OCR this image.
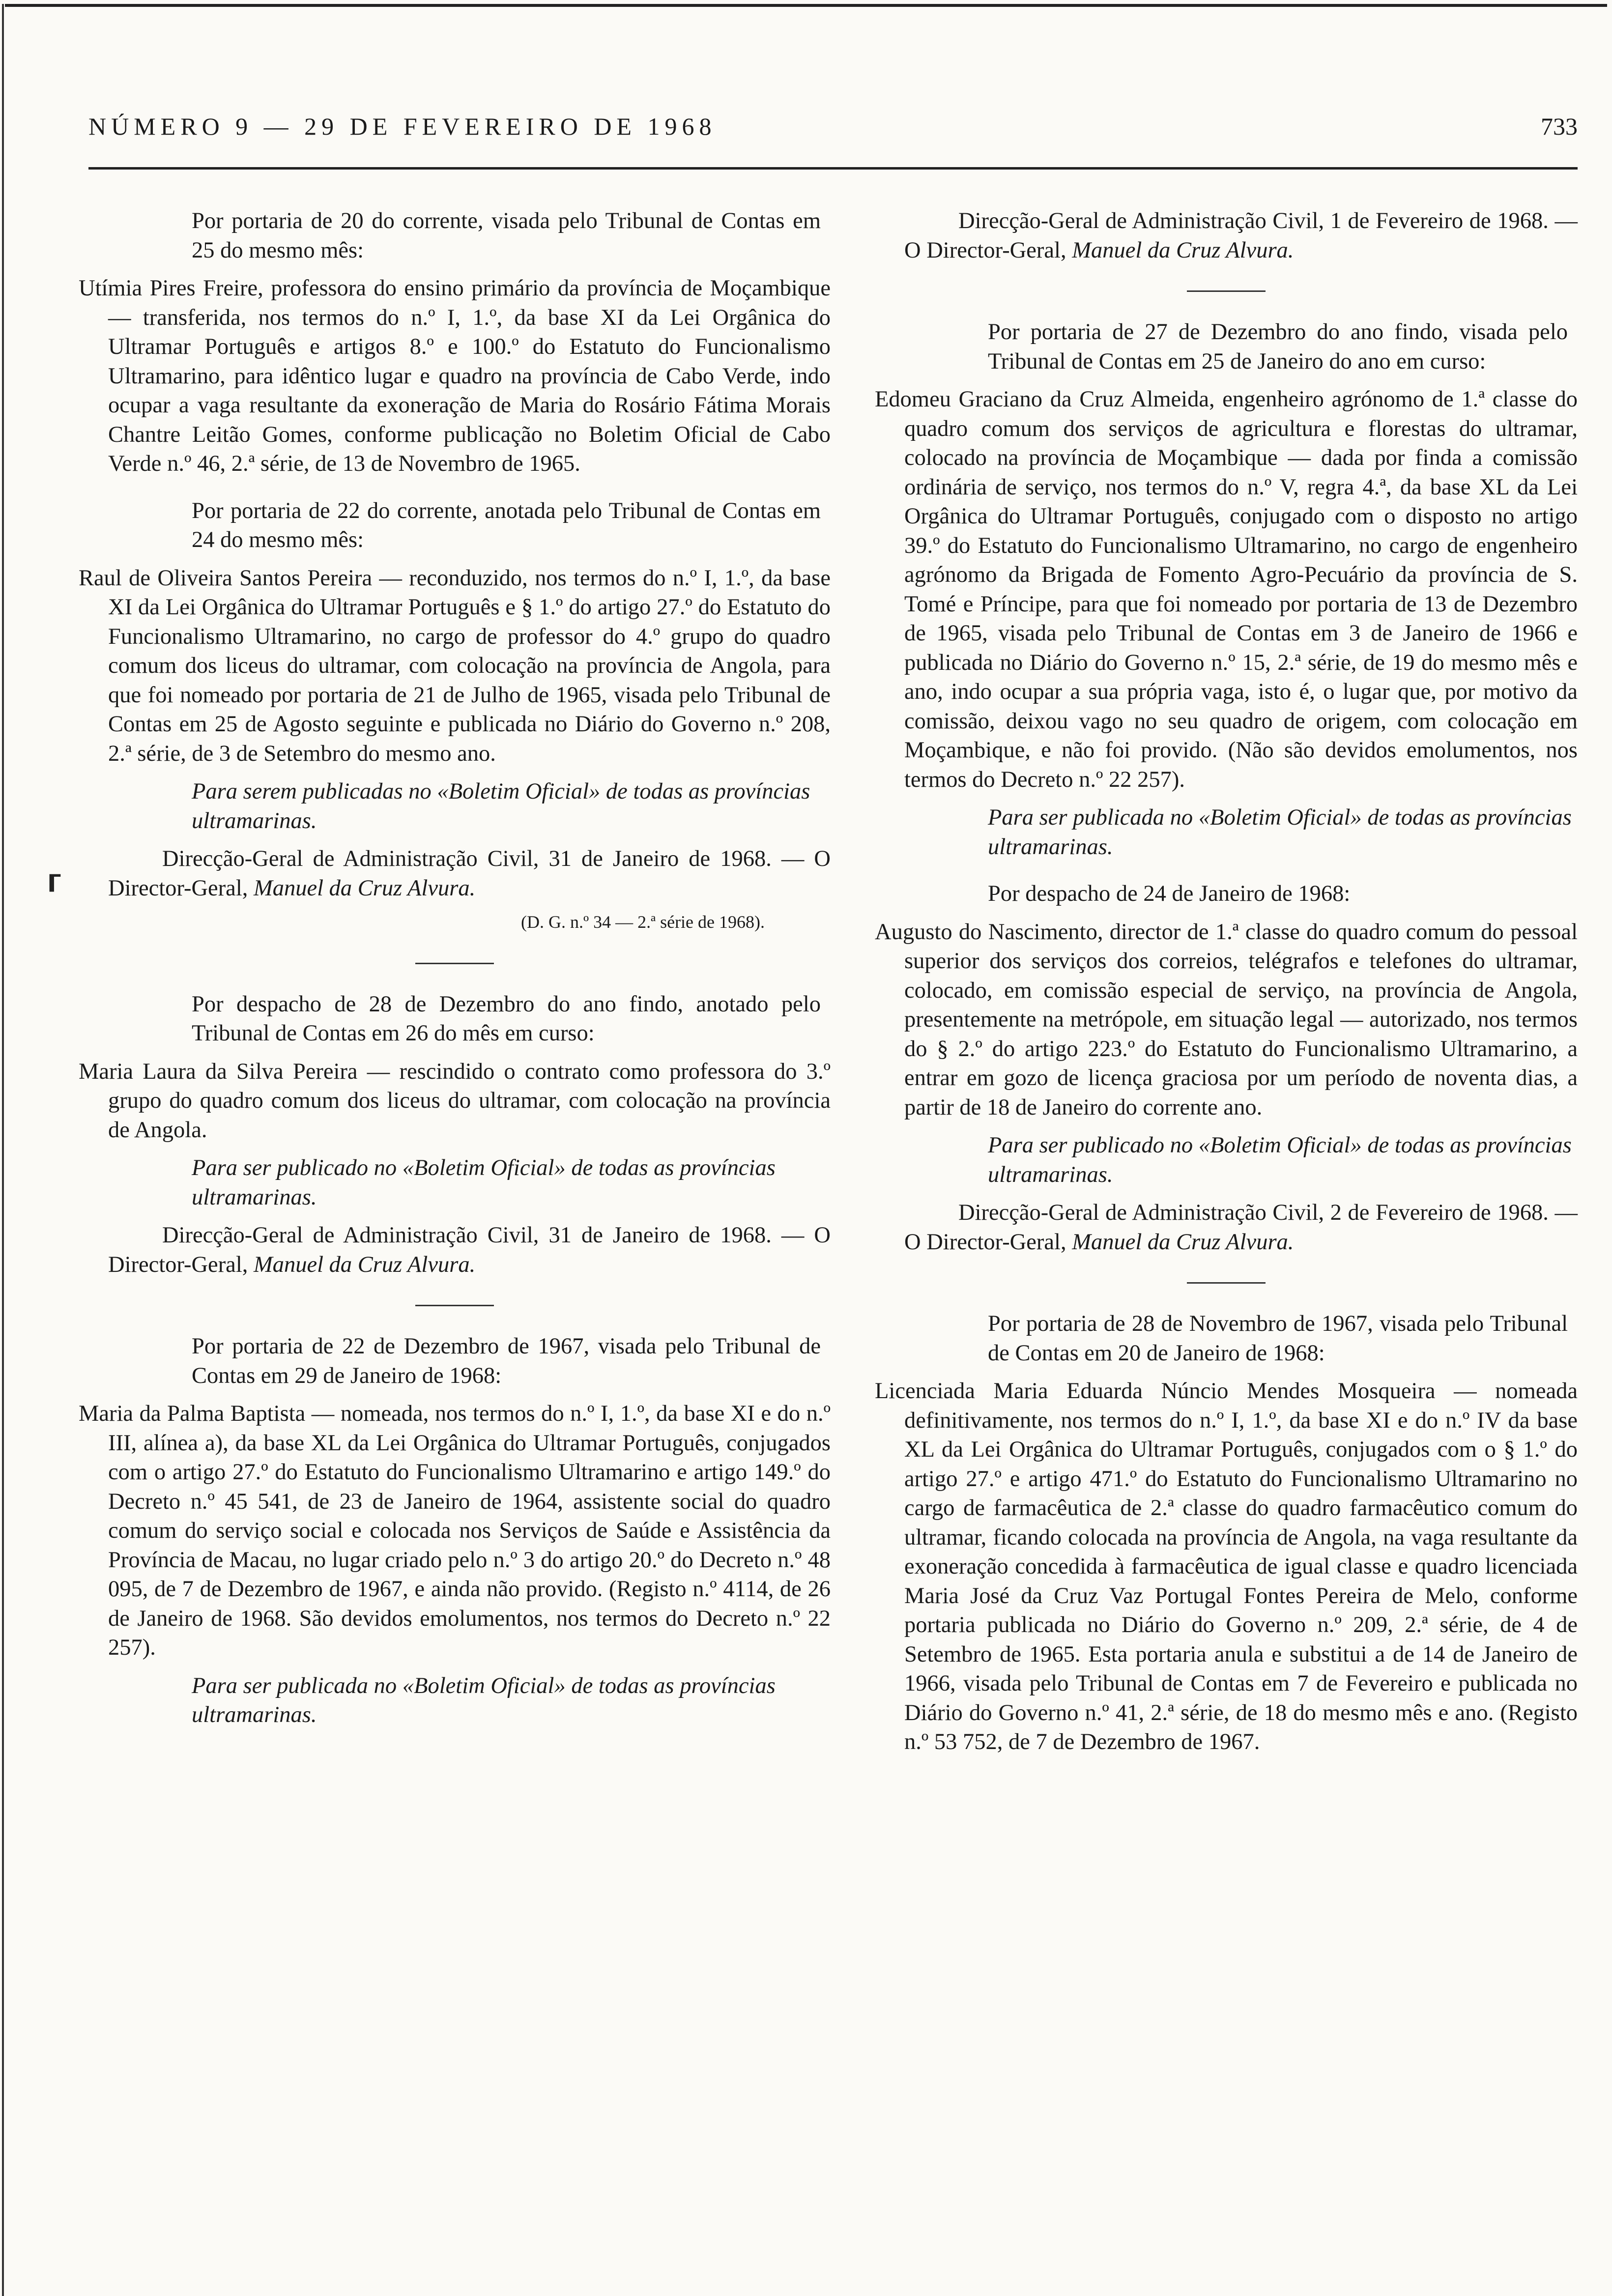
NÚMERO 9 — 29 DE FEVEREIRO DE 1968	733
⸢

Por portaria de 20 do corrente, visada pelo Tribunal de Contas em 25 do mesmo mês:

Utímia Pires Freire, professora do ensino primário da província de Moçambique — transferida, nos termos do n.º I, 1.º, da base XI da Lei Orgânica do Ultramar Português e artigos 8.º e 100.º do Estatuto do Funcionalismo Ultramarino, para idêntico lugar e quadro na província de Cabo Verde, indo ocupar a vaga resultante da exoneração de Maria do Rosário Fátima Morais Chantre Leitão Gomes, conforme publicação no Boletim Oficial de Cabo Verde n.º 46, 2.ª série, de 13 de Novembro de 1965.

Por portaria de 22 do corrente, anotada pelo Tribunal de Contas em 24 do mesmo mês:

Raul de Oliveira Santos Pereira — reconduzido, nos termos do n.º I, 1.º, da base XI da Lei Orgânica do Ultramar Português e § 1.º do artigo 27.º do Estatuto do Funcionalismo Ultramarino, no cargo de professor do 4.º grupo do quadro comum dos liceus do ultramar, com colocação na província de Angola, para que foi nomeado por portaria de 21 de Julho de 1965, visada pelo Tribunal de Contas em 25 de Agosto seguinte e publicada no Diário do Governo n.º 208, 2.ª série, de 3 de Setembro do mesmo ano.

Para serem publicadas no «Boletim Oficial» de todas as províncias ultramarinas.

Direcção-Geral de Administração Civil, 31 de Janeiro de 1968. — O Director-Geral, Manuel da Cruz Alvura.

(D. G. n.º 34 — 2.ª série de 1968).

Por despacho de 28 de Dezembro do ano findo, anotado pelo Tribunal de Contas em 26 do mês em curso:

Maria Laura da Silva Pereira — rescindido o contrato como professora do 3.º grupo do quadro comum dos liceus do ultramar, com colocação na província de Angola.

Para ser publicado no «Boletim Oficial» de todas as províncias ultramarinas.

Direcção-Geral de Administração Civil, 31 de Janeiro de 1968. — O Director-Geral, Manuel da Cruz Alvura.

Por portaria de 22 de Dezembro de 1967, visada pelo Tribunal de Contas em 29 de Janeiro de 1968:

Maria da Palma Baptista — nomeada, nos termos do n.º I, 1.º, da base XI e do n.º III, alínea a), da base XL da Lei Orgânica do Ultramar Português, conjugados com o artigo 27.º do Estatuto do Funcionalismo Ultramarino e artigo 149.º do Decreto n.º 45 541, de 23 de Janeiro de 1964, assistente social do quadro comum do serviço social e colocada nos Serviços de Saúde e Assistência da Província de Macau, no lugar criado pelo n.º 3 do artigo 20.º do Decreto n.º 48 095, de 7 de Dezembro de 1967, e ainda não provido. (Registo n.º 4114, de 26 de Janeiro de 1968. São devidos emolumentos, nos termos do Decreto n.º 22 257).

Para ser publicada no «Boletim Oficial» de todas as províncias ultramarinas.

Direcção-Geral de Administração Civil, 1 de Fevereiro de 1968. — O Director-Geral, Manuel da Cruz Alvura.

Por portaria de 27 de Dezembro do ano findo, visada pelo Tribunal de Contas em 25 de Janeiro do ano em curso:

Edomeu Graciano da Cruz Almeida, engenheiro agrónomo de 1.ª classe do quadro comum dos serviços de agricultura e florestas do ultramar, colocado na província de Moçambique — dada por finda a comissão ordinária de serviço, nos termos do n.º V, regra 4.ª, da base XL da Lei Orgânica do Ultramar Português, conjugado com o disposto no artigo 39.º do Estatuto do Funcionalismo Ultramarino, no cargo de engenheiro agrónomo da Brigada de Fomento Agro-Pecuário da província de S. Tomé e Príncipe, para que foi nomeado por portaria de 13 de Dezembro de 1965, visada pelo Tribunal de Contas em 3 de Janeiro de 1966 e publicada no Diário do Governo n.º 15, 2.ª série, de 19 do mesmo mês e ano, indo ocupar a sua própria vaga, isto é, o lugar que, por motivo da comissão, deixou vago no seu quadro de origem, com colocação em Moçambique, e não foi provido. (Não são devidos emolumentos, nos termos do Decreto n.º 22 257).

Para ser publicada no «Boletim Oficial» de todas as províncias ultramarinas.

Por despacho de 24 de Janeiro de 1968:

Augusto do Nascimento, director de 1.ª classe do quadro comum do pessoal superior dos serviços dos correios, telégrafos e telefones do ultramar, colocado, em comissão especial de serviço, na província de Angola, presentemente na metrópole, em situação legal — autorizado, nos termos do § 2.º do artigo 223.º do Estatuto do Funcionalismo Ultramarino, a entrar em gozo de licença graciosa por um período de noventa dias, a partir de 18 de Janeiro do corrente ano.

Para ser publicado no «Boletim Oficial» de todas as províncias ultramarinas.

Direcção-Geral de Administração Civil, 2 de Fevereiro de 1968. — O Director-Geral, Manuel da Cruz Alvura.

Por portaria de 28 de Novembro de 1967, visada pelo Tribunal de Contas em 20 de Janeiro de 1968:

Licenciada Maria Eduarda Núncio Mendes Mosqueira — nomeada definitivamente, nos termos do n.º I, 1.º, da base XI e do n.º IV da base XL da Lei Orgânica do Ultramar Português, conjugados com o § 1.º do artigo 27.º e artigo 471.º do Estatuto do Funcionalismo Ultramarino no cargo de farmacêutica de 2.ª classe do quadro farmacêutico comum do ultramar, ficando colocada na província de Angola, na vaga resultante da exoneração concedida à farmacêutica de igual classe e quadro licenciada Maria José da Cruz Vaz Portugal Fontes Pereira de Melo, conforme portaria publicada no Diário do Governo n.º 209, 2.ª série, de 4 de Setembro de 1965. Esta portaria anula e substitui a de 14 de Janeiro de 1966, visada pelo Tribunal de Contas em 7 de Fevereiro e publicada no Diário do Governo n.º 41, 2.ª série, de 18 do mesmo mês e ano. (Registo n.º 53 752, de 7 de Dezembro de 1967.
